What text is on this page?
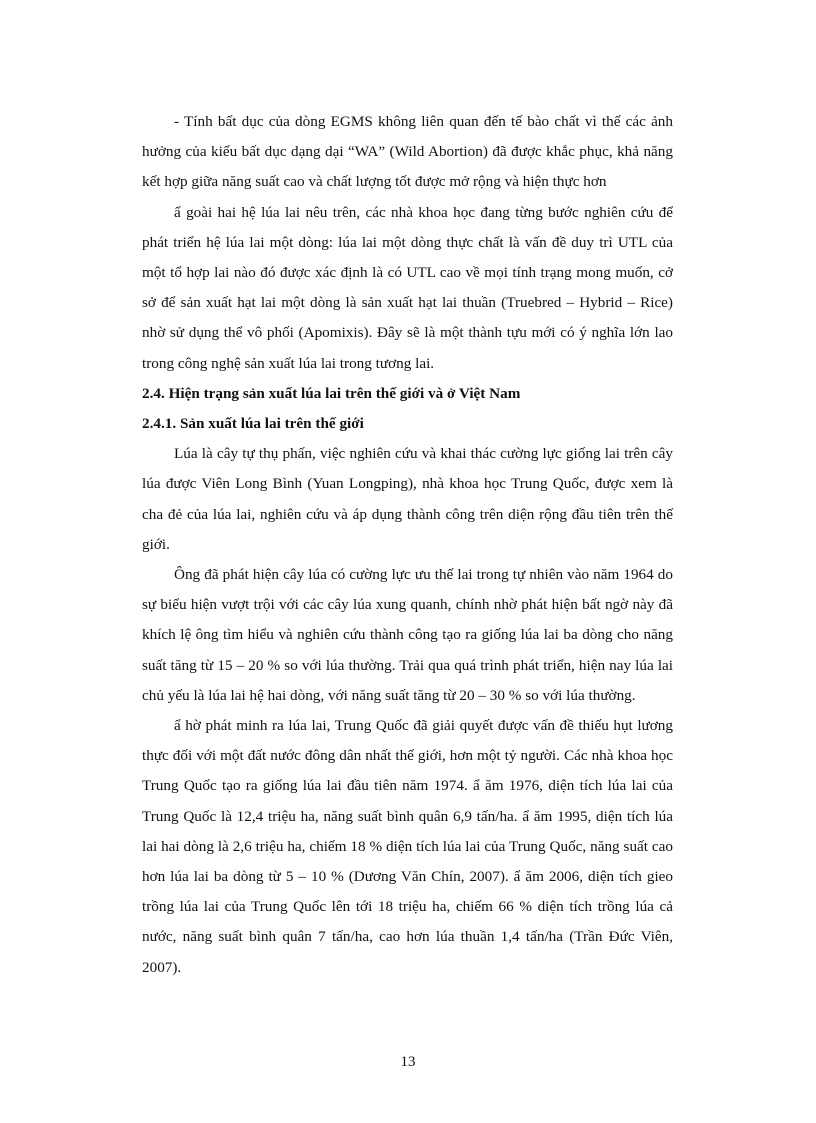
- Tính bất dục của dòng EGMS không liên quan đến tế bào chất vì thế các ảnh hưởng của kiểu bất dục dạng dại “WA” (Wild Abortion) đã được khắc phục, khả năng kết hợp giữa năng suất cao và chất lượng tốt được mở rộng và hiện thực hơn

ẩ goài hai hệ lúa lai nêu trên, các nhà khoa học đang từng bước nghiên cứu để phát triển hệ lúa lai một dòng: lúa lai một dòng thực chất là vấn đề duy trì UTL của một tổ hợp lai nào đó được xác định là có UTL cao về mọi tính trạng mong muốn, cở sở để sản xuất hạt lai một dòng là sản xuất hạt lai thuần (Truebred – Hybrid – Rice) nhờ sử dụng thể vô phối (Apomixis). Đây sẽ là một thành tựu mới có ý nghĩa lớn lao trong công nghệ sản xuất lúa lai trong tương lai.

2.4. Hiện trạng sản xuất lúa lai trên thế giới và ở Việt Nam

2.4.1. Sản xuất lúa lai trên thế giới

Lúa là cây tự thụ phấn, việc nghiên cứu và khai thác cường lực giống lai trên cây lúa được Viên Long Bình (Yuan Longping), nhà khoa học Trung Quốc, được xem là cha đẻ của lúa lai, nghiên cứu và áp dụng thành công trên diện rộng đầu tiên trên thế giới.

Ông đã phát hiện cây lúa có cường lực ưu thế lai trong tự nhiên vào năm 1964 do sự biểu hiện vượt trội với các cây lúa xung quanh, chính nhờ phát hiện bất ngờ này đã khích lệ ông tìm hiểu và nghiên cứu thành công tạo ra giống lúa lai ba dòng cho năng suất tăng từ 15 – 20 % so với lúa thường. Trải qua quá trình phát triển, hiện nay lúa lai chủ yếu là lúa lai hệ hai dòng, với năng suất tăng từ 20 – 30 % so với lúa thường.

ẩ hờ phát minh ra lúa lai, Trung Quốc đã giải quyết được vấn đề thiếu hụt lương thực đối với một đất nước đông dân nhất thế giới, hơn một tỷ người. Các nhà khoa học Trung Quốc tạo ra giống lúa lai đầu tiên năm 1974. ẩ ăm 1976, diện tích lúa lai của Trung Quốc là 12,4 triệu ha, năng suất bình quân 6,9 tấn/ha. ẩ ăm 1995, diện tích lúa lai hai dòng là 2,6 triệu ha, chiếm 18 % diện tích lúa lai của Trung Quốc, năng suất cao hơn lúa lai ba dòng từ 5 – 10 % (Dương Văn Chín, 2007). ẩ ăm 2006, diện tích gieo trồng lúa lai của Trung Quốc lên tới 18 triệu ha, chiếm 66 % diện tích trồng lúa cả nước, năng suất bình quân 7 tấn/ha, cao hơn lúa thuần 1,4 tấn/ha (Trần Đức Viên, 2007).

13
